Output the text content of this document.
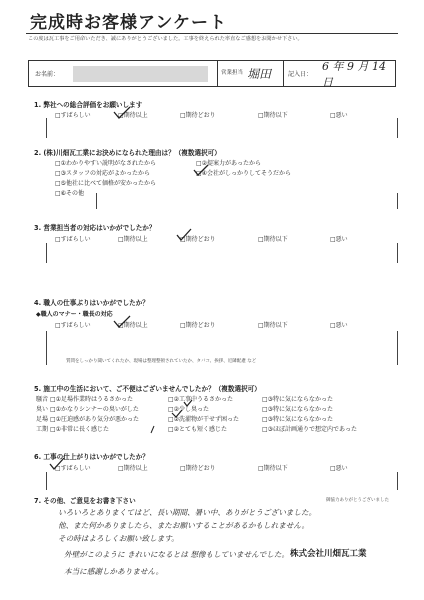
完成時お客様アンケート
この度は瓦工事をご用命いただき、誠にありがとうございました。工事を終えられた率直なご感想をお聞かせ下さい。
お名前：	営業担当 堀田	記入日：
6 年 9 月 14 日
1. 弊社への総合評価をお願いします
□すばらしい	□期待以上	□期待どおり	□期待以下	□悪い
2. (株)川畑瓦工業にお決めになられた理由は？（複数選択可）
□①わかりやすい説明がなされたから	□②提案力があったから
□③スタッフの対応がよかったから	□④会社がしっかりしてそうだから
□⑤他社に比べて価格が安かったから
□⑥その他
3. 営業担当者の対応はいかがでしたか？
□すばらしい	□期待以上	□期待どおり	□期待以下	□悪い
4. 職人の仕事ぶりはいかがでしたか？
◆職人のマナー・職長の対応
□すばらしい	□期待以上	□期待どおり	□期待以下	□悪い
質問をしっかり聞いてくれたか、現場は整理整頓されていたか、タバコ、挨拶、近隣配慮 など
5. 施工中の生活において、ご不便はございませんでしたか？（複数選択可）
騒音 □①足場作業時はうるさかった	□②工事中うるさかった	□③特に気にならなかった
臭い □①かなりシンナーの臭いがした	□②少し臭った	□③特に気にならなかった
足場 □①圧迫感があり気分が悪かった	□②洗濯物が干せず困った	□③特に気にならなかった
工期 □①非常に長く感じた	□②とても短く感じた	□③ほぼ計画通りで想定内であった
6. 工事の仕上がりはいかがでしたか？
□すばらしい	□期待以上	□期待どおり	□期待以下	□悪い
7. その他、ご意見をお書き下さい	御協力ありがとうございました
いろいろとありまくてはど、長い期間、暑い中、ありがとうございました。
他、また何かありましたら、またお願いすることがあるかもしれません。
その時はよろしくお願い致します。
外壁がこのように きれいになるとは 想像もしていませんでした。
本当に感謝しかありません。
株式会社川畑瓦工業
